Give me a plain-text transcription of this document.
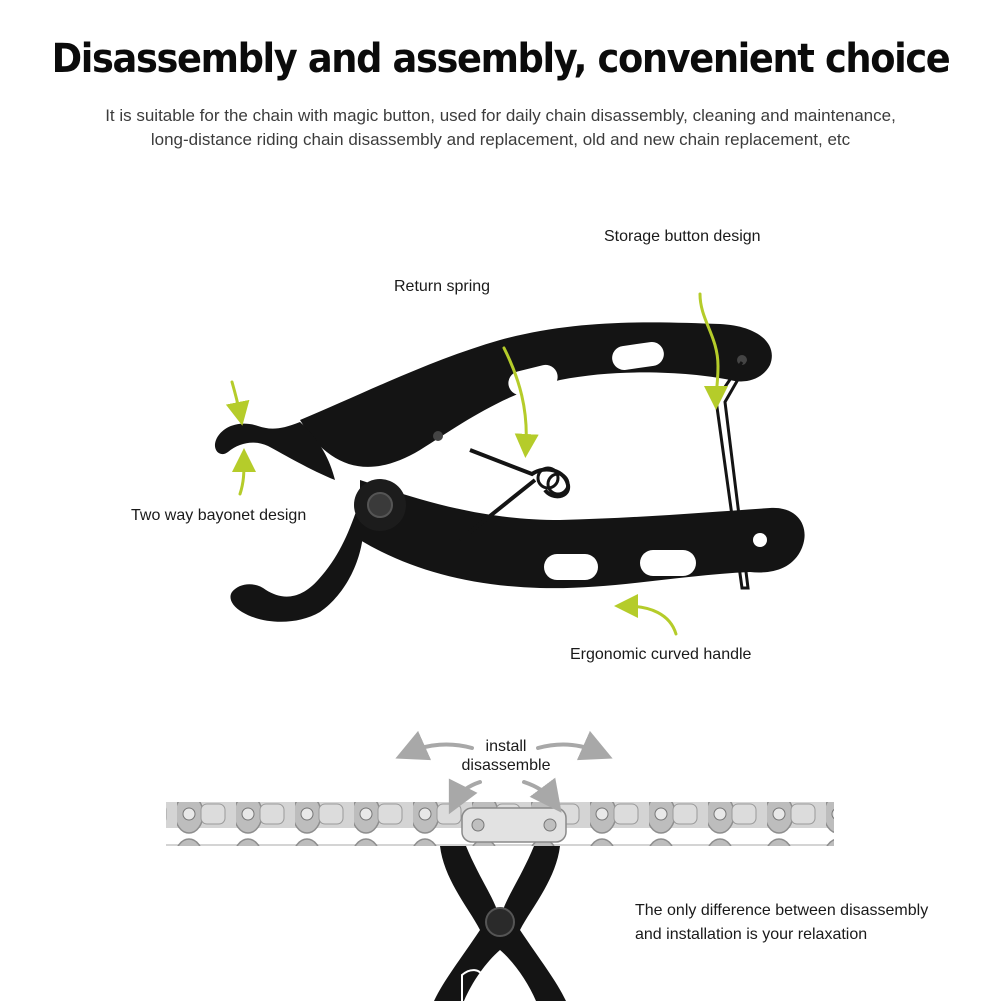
Disassembly and assembly, convenient choice

It is suitable for the chain with magic button, used for daily chain disassembly, cleaning and maintenance,
long-distance riding chain disassembly and replacement, old and new chain replacement, etc

Storage button design
Return spring
Two way bayonet design
Ergonomic curved handle
install
disassemble
The only difference between disassembly
and installation is your relaxation
